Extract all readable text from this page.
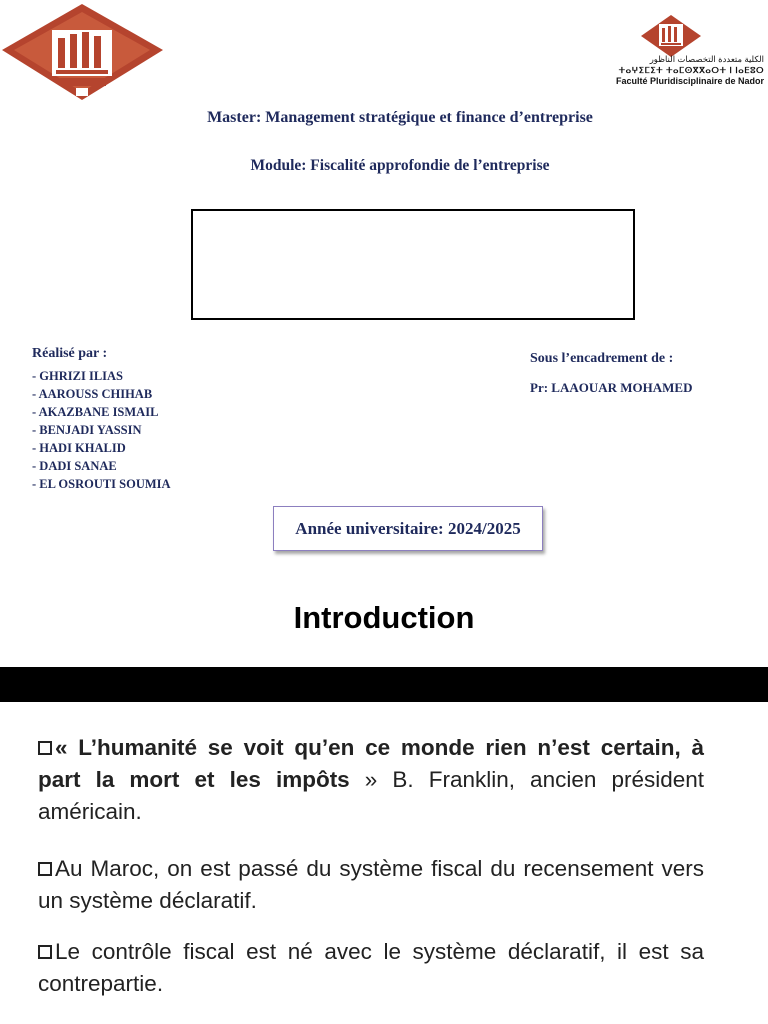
الكلية متعددة التخصصات الناظور
ⵜⴰⵖⵉⵎⵉⵜ ⵜⴰⵎⵙⴳⴳⴰⵔⵜ ⵏ ⵏⴰⴹⵓⵔ
Faculté Pluridisciplinaire de Nador
Master: Management stratégique et finance d’entreprise
Module: Fiscalité approfondie de l’entreprise
Réalisé par :
- GHRIZI ILIAS
- AAROUSS CHIHAB
- AKAZBANE ISMAIL
- BENJADI YASSIN
- HADI KHALID
- DADI SANAE
- EL OSROUTI SOUMIA
Sous l’encadrement de :
Pr: LAAOUAR MOHAMED
Année universitaire: 2024/2025
Introduction

« L’humanité se voit qu’en ce monde rien n’est certain, à part la mort et les impôts » B. Franklin, ancien président américain.

Au Maroc, on est passé du système fiscal du recensement vers un système déclaratif.

Le contrôle fiscal est né avec le système déclaratif, il est sa contrepartie.
